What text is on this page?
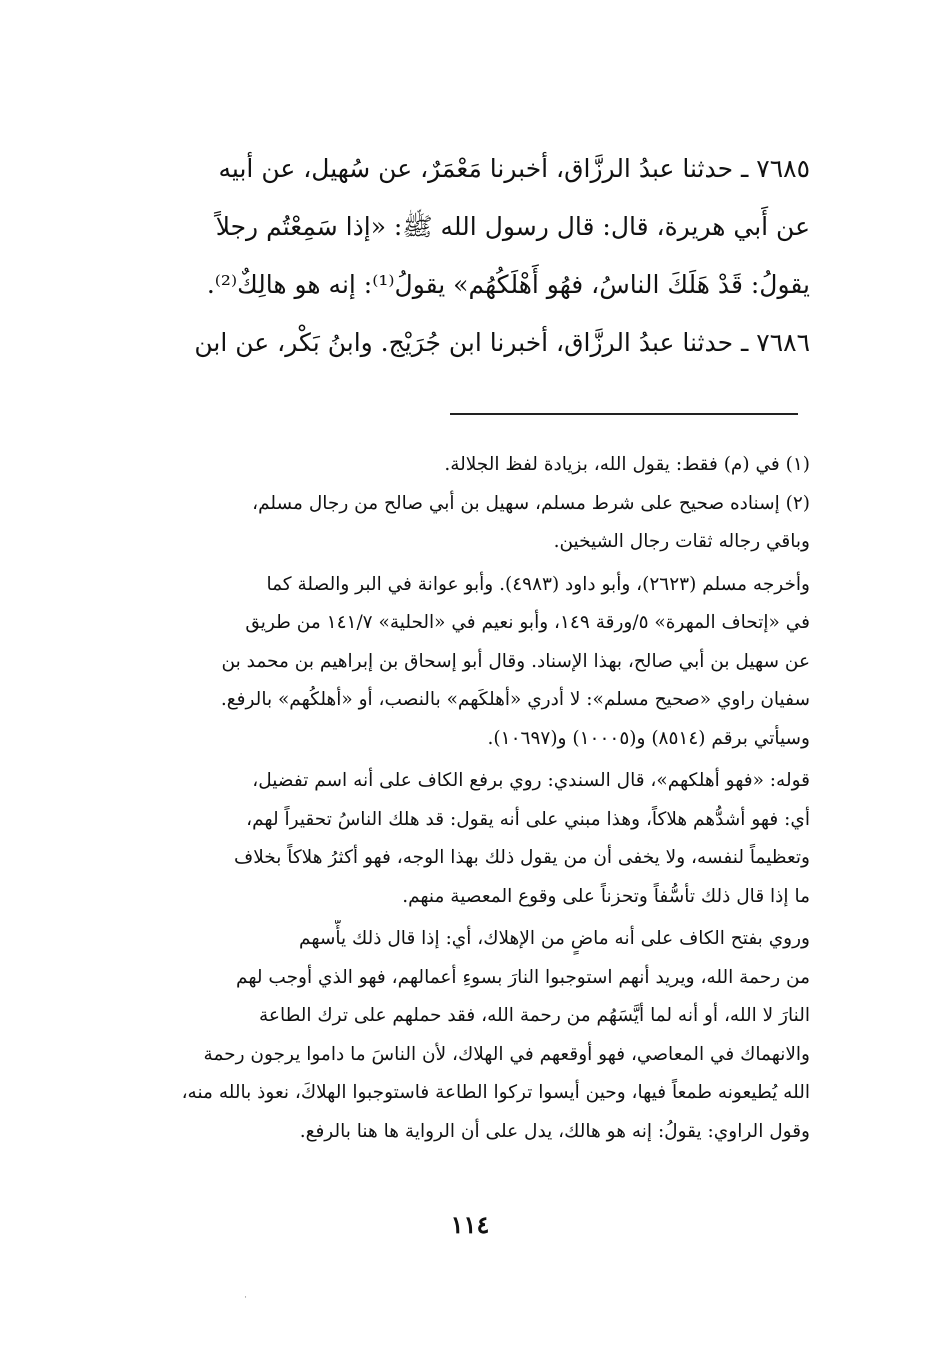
٧٦٨٥ ـ حدثنا عبدُ الرزَّاق، أخبرنا مَعْمَرٌ، عن سُهيل، عن أبيه
عن أَبي هريرة، قال: قال رسول الله ﷺ: «إذا سَمِعْتُم رجلاً
يقولُ: قَدْ هَلَكَ الناسُ، فهُو أَهْلَكُهُم» يقولُ⁽¹⁾: إنه هو هالِكٌ⁽²⁾.

٧٦٨٦ ـ حدثنا عبدُ الرزَّاق، أخبرنا ابن جُرَيْج. وابنُ بَكْر، عن ابن

(١) في (م) فقط: يقول الله، بزيادة لفظ الجلالة.

(٢) إسناده صحيح على شرط مسلم، سهيل بن أبي صالح من رجال مسلم،
وباقي رجاله ثقات رجال الشيخين.

وأخرجه مسلم (٢٦٢٣)، وأبو داود (٤٩٨٣). وأبو عوانة في البر والصلة كما
في «إتحاف المهرة» ٥/ورقة ١٤٩، وأبو نعيم في «الحلية» ١٤١/٧ من طريق
عن سهيل بن أبي صالح، بهذا الإسناد. وقال أبو إسحاق بن إبراهيم بن محمد بن
سفيان راوي «صحيح مسلم»: لا أدري «أهلكَهم» بالنصب، أو «أهلكُهم» بالرفع.
وسيأتي برقم (٨٥١٤) و(١٠٠٠٥) و(١٠٦٩٧).

قوله: «فهو أهلكهم»، قال السندي: روي برفع الكاف على أنه اسم تفضيل،
أي: فهو أشدُّهم هلاكاً، وهذا مبني على أنه يقول: قد هلك الناسُ تحقيراً لهم،
وتعظيماً لنفسه، ولا يخفى أن من يقول ذلك بهذا الوجه، فهو أكثرُ هلاكاً بخلاف
ما إذا قال ذلك تأسُّفاً وتحزناً على وقوع المعصية منهم.

وروي بفتح الكاف على أنه ماضٍ من الإهلاك، أي: إذا قال ذلك يأَّسهم
من رحمة الله، ويريد أنهم استوجبوا النارَ بسوءِ أعمالهم، فهو الذي أوجب لهم
النارَ لا الله، أو أنه لما أيَّسَهُم من رحمة الله، فقد حملهم على ترك الطاعة
والانهماك في المعاصي، فهو أوقعهم في الهلاك، لأن الناسَ ما داموا يرجون رحمة
الله يُطيعونه طمعاً فيها، وحين أيسوا تركوا الطاعة فاستوجبوا الهلاكَ، نعوذ بالله منه،
وقول الراوي: يقولُ: إنه هو هالك، يدل على أن الرواية ها هنا بالرفع.

١١٤
˙
